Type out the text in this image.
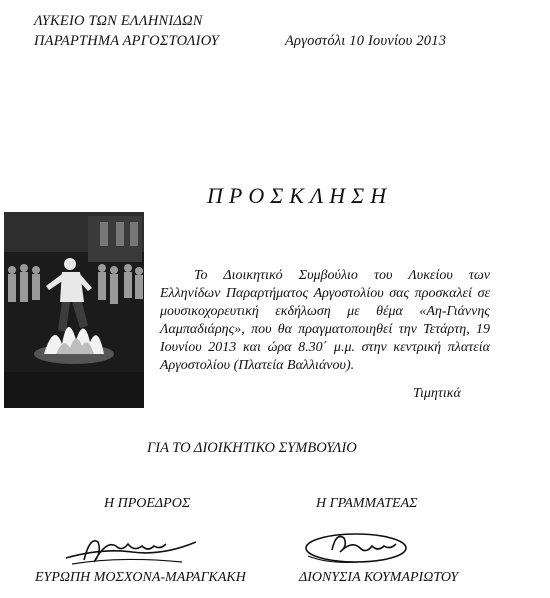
ΛΥΚΕΙΟ ΤΩΝ ΕΛΛΗΝΙΔΩΝ
ΠΑΡΑΡΤΗΜΑ ΑΡΓΟΣΤΟΛΙΟΥ	Αργοστόλι 10 Ιουνίου 2013
ΠΡΟΣΚΛΗΣΗ

Το Διοικητικό Συμβούλιο του Λυκείου των Ελληνίδων Παραρτήματος Αργοστολίου σας προσκαλεί σε μουσικοχορευτική εκδήλωση με θέμα «Αη-Γιάννης Λαμπαδιάρης», που θα πραγματοποιηθεί την Τετάρτη, 19 Ιουνίου 2013 και ώρα 8.30΄ μ.μ. στην κεντρική πλατεία Αργοστολίου (Πλατεία Βαλλιάνου).

Τιμητικά
ΓΙΑ ΤΟ ΔΙΟΙΚΗΤΙΚΟ ΣΥΜΒΟΥΛΙΟ
Η ΠΡΟΕΔΡΟΣ	Η ΓΡΑΜΜΑΤΕΑΣ
ΕΥΡΩΠΗ ΜΟΣΧΟΝΑ-ΜΑΡΑΓΚΑΚΗ	ΔΙΟΝΥΣΙΑ ΚΟΥΜΑΡΙΩΤΟΥ
